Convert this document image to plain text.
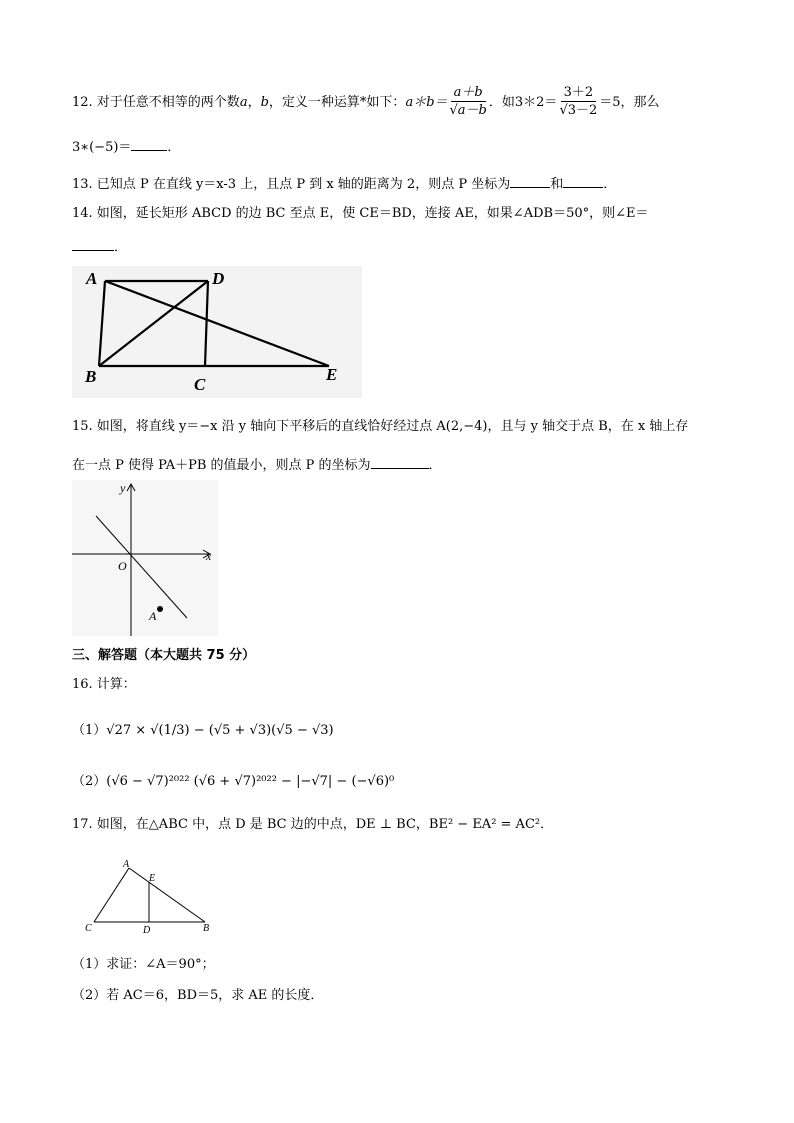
12. 对于任意不相等的两个数a，b，定义一种运算*如下：a＊b＝ $\frac{a+b}{√a-b}$ ．如3＊2＝ $\frac{3+2}{√3-2} =5$，那么
3∗(−5)＝	．
13. 已知点 P 在直线 y＝x-3 上，且点 P 到 x 轴的距离为 2，则点 P 坐标为	和	．
14. 如图，延长矩形 ABCD 的边 BC 至点 E，使 CE＝BD，连接 AE，如果∠ADB＝50°，则∠E＝
．
A	D
B	C
E
15. 如图，将直线 y＝−x 沿 y 轴向下平移后的直线恰好经过点 A(2,−4)，且与 y 轴交于点 B，在 x 轴上存
在一点 P 使得 PA＋PB 的值最小，则点 P 的坐标为	．
y
x
O
A
三、解答题（本大题共 75 分）
16. 计算：
（1）√27 × √(1/3) − (√5 + √3)(√5 − √3)
（2）(√6 − √7)²⁰²² (√6 + √7)²⁰²² − |−√7| − (−√6)⁰
17. 如图，在△ABC 中，点 D 是 BC 边的中点，DE ⊥ BC，BE² − EA² = AC²．
A
E
C	D	B
（1）求证：∠A＝90°；
（2）若 AC＝6，BD＝5，求 AE 的长度．
